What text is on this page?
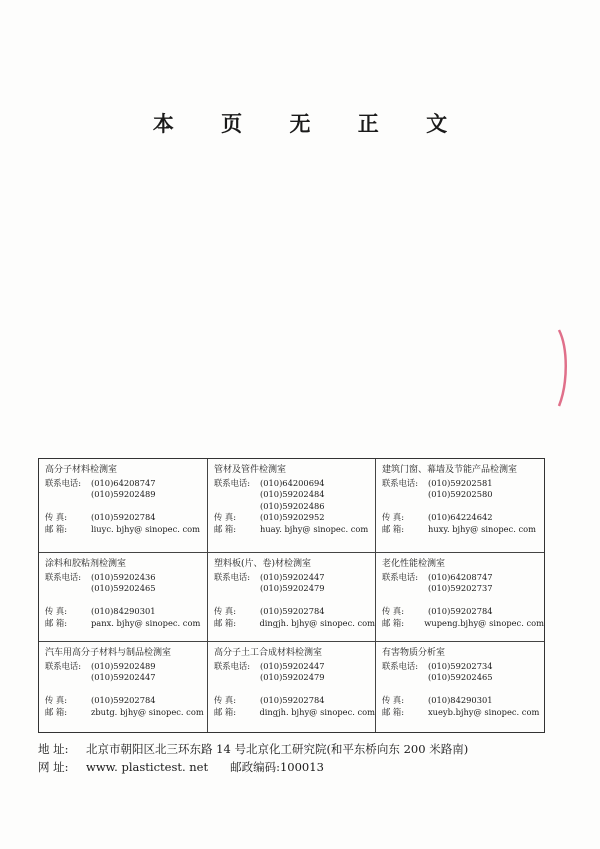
本 页 无 正 文
高分子材料检测室
联系电话:	(010)64208747
(010)59202489
传 真:	(010)59202784
邮 箱:	liuyc. bjhy@ sinopec. com
管材及管件检测室
联系电话:	(010)64200694
(010)59202484
(010)59202486
传 真:	(010)59202952
邮 箱:	huay. bjhy@ sinopec. com
建筑门窗、幕墙及节能产品检测室
联系电话:	(010)59202581
(010)59202580
传 真:	(010)64224642
邮 箱:	huxy. bjhy@ sinopec. com
涂料和胶粘剂检测室
联系电话:	(010)59202436
(010)59202465
传 真:	(010)84290301
邮 箱:	panx. bjhy@ sinopec. com
塑料板(片、卷)材检测室
联系电话:	(010)59202447
(010)59202479
传 真:	(010)59202784
邮 箱:	dingjh. bjhy@ sinopec. com
老化性能检测室
联系电话:	(010)64208747
(010)59202737
传 真:	(010)59202784
邮 箱:	wupeng.bjhy@ sinopec. com
汽车用高分子材料与制品检测室
联系电话:	(010)59202489
(010)59202447
传 真:	(010)59202784
邮 箱:	zbutg. bjhy@ sinopec. com
高分子土工合成材料检测室
联系电话:	(010)59202447
(010)59202479
传 真:	(010)59202784
邮 箱:	dingjh. bjhy@ sinopec. com
有害物质分析室
联系电话:	(010)59202734
(010)59202465
传 真:	(010)84290301
邮 箱:	xueyb.bjhy@ sinopec. com
地 址: 北京市朝阳区北三环东路 14 号北京化工研究院(和平东桥向东 200 米路南)
网 址: www. plastictest. net 邮政编码:100013
